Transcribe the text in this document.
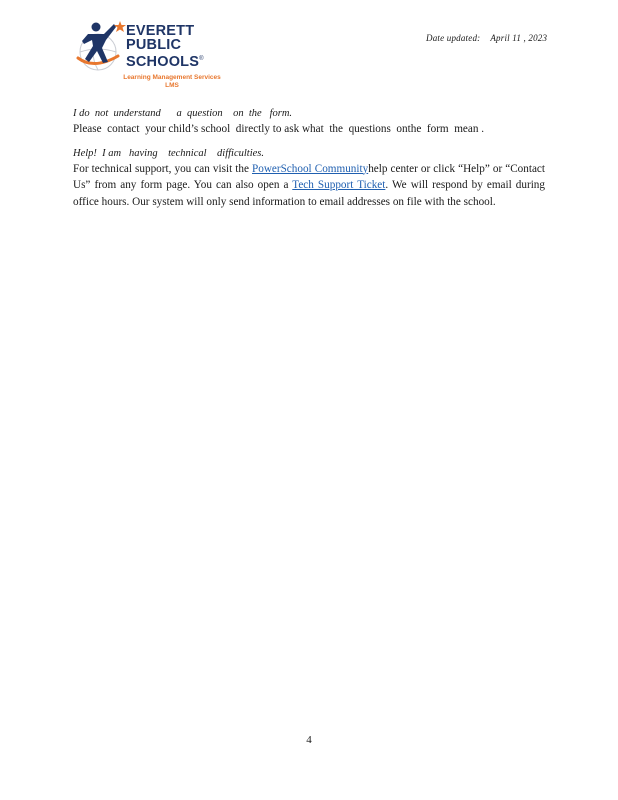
EVERETT
PUBLIC
SCHOOLS®
Learning Management Services
LMS
Date updated: April 11 , 2023

I do  not  understand      a  question    on  the   form.

Please  contact  your child’s school  directly to ask what  the  questions  onthe  form  mean .

Help!  I am   having    technical    difficulties.

For technical support, you can visit the PowerSchool Communityhelp center or click “Help” or “Contact Us” from any form page. You can also open a Tech Support Ticket. We will respond by email during office hours. Our system will only send information to email addresses on file with the school.

4
